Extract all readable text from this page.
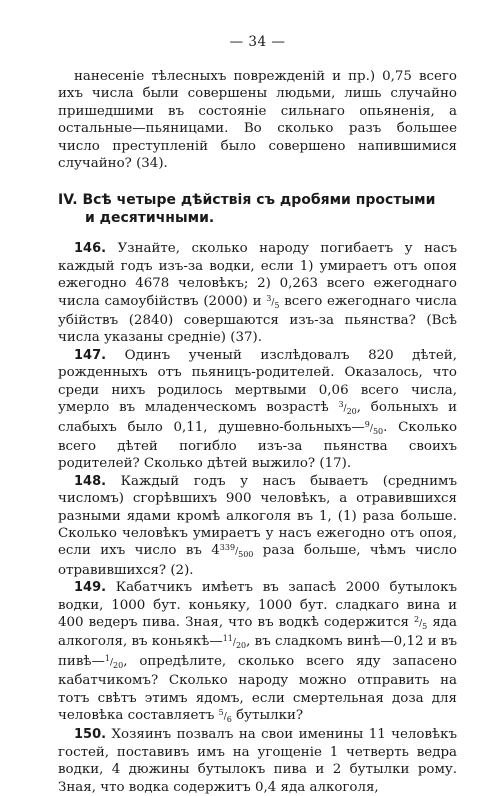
— 34 —

нанесеніе тѣлесныхъ поврежденій и пр.) 0,75 всего ихъ числа были совершены людьми, лишь случайно пришедшими въ состояніе сильнаго опьяненія, а остальные—пьяницами. Во сколько разъ большее число преступленій было совершено напившимися случайно? (34).

IV. Всѣ четыре дѣйствія съ дробями простыми
и десятичными.

146. Узнайте, сколько народу погибаетъ у насъ каждый годъ изъ-за водки, если 1) умираетъ отъ опоя ежегодно 4678 человѣкъ; 2) 0,263 всего ежегоднаго числа самоубійствъ (2000) и $^3/_5$ всего ежегоднаго числа убійствъ (2840) совершаются изъ-за пьянства? (Всѣ числа указаны средніе) (37).

147. Одинъ ученый изслѣдовалъ 820 дѣтей, рожденныхъ отъ пьяницъ-родителей. Оказалось, что среди нихъ родилось мертвыми 0,06 всего числа, умерло въ младенческомъ возрастѣ $^3/_{20}$, больныхъ и слабыхъ было 0,11, душевно-$больныхъ—^9/_{50}$. Сколько всего дѣтей погибло изъ-за пьянства своихъ родителей? Сколько дѣтей выжило? (17).

148. Каждый годъ у насъ бываетъ (среднимъ числомъ) сгорѣвшихъ 900 человѣкъ, а отравившихся разными ядами кромѣ алкоголя въ 1, (1) раза больше. Сколько человѣкъ умираетъ у насъ ежегодно отъ опоя, если ихъ число въ $4^{339}/_{500}$ раза больше, чѣмъ число отравившихся? (2).

149. Кабатчикъ имѣетъ въ запасѣ 2000 бутылокъ водки, 1000 бут. коньяку, 1000 бут. сладкаго вина и 400 ведеръ пива. Зная, что въ водкѣ содержится $^2/_5$ яда алкоголя, въ $коньякѣ—^{11}/_{20}$, въ сладкомъ винѣ—0,12 и въ $пивѣ—^1/_{20}$, опредѣлите, сколько всего яду запасено кабатчикомъ? Сколько народу можно отправить на тотъ свѣтъ этимъ ядомъ, если смертельная доза для человѣка составляетъ $^5/_6$ бутылки?

150. Хозяинъ позвалъ на свои именины 11 человѣкъ гостей, поставивъ имъ на угощеніе 1 четверть ведра водки, 4 дюжины бутылокъ пива и 2 бутылки рому. Зная, что водка содержитъ 0,4 яда алкоголя,
